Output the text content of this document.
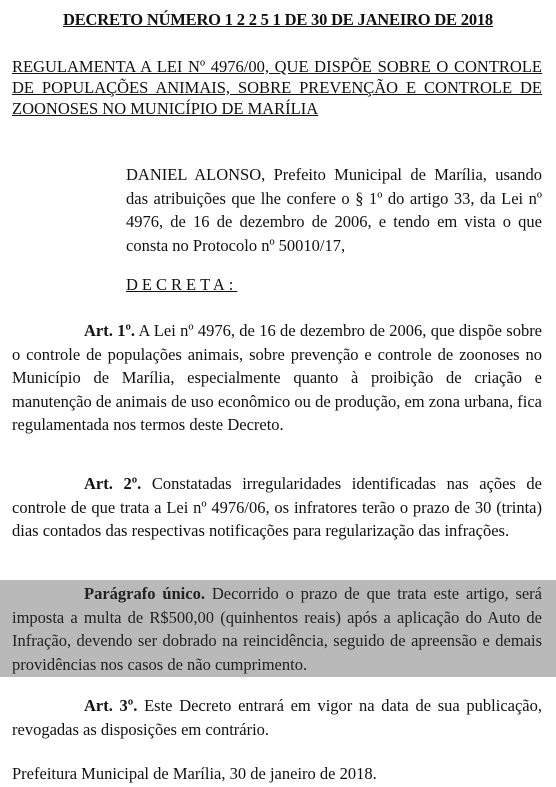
DECRETO NÚMERO 1 2 2 5 1 DE 30 DE JANEIRO DE 2018
REGULAMENTA A LEI Nº 4976/00, QUE DISPÕE SOBRE O CONTROLE DE POPULAÇÕES ANIMAIS, SOBRE PREVENÇÃO E CONTROLE DE ZOONOSES NO MUNICÍPIO DE MARÍLIA
DANIEL ALONSO, Prefeito Municipal de Marília, usando das atribuições que lhe confere o § 1º do artigo 33, da Lei nº 4976, de 16 de dezembro de 2006, e tendo em vista o que consta no Protocolo nº 50010/17,
DECRETA:
Art. 1º. A Lei nº 4976, de 16 de dezembro de 2006, que dispõe sobre o controle de populações animais, sobre prevenção e controle de zoonoses no Município de Marília, especialmente quanto à proibição de criação e manutenção de animais de uso econômico ou de produção, em zona urbana, fica regulamentada nos termos deste Decreto.
Art. 2º. Constatadas irregularidades identificadas nas ações de controle de que trata a Lei nº 4976/06, os infratores terão o prazo de 30 (trinta) dias contados das respectivas notificações para regularização das infrações.
Parágrafo único. Decorrido o prazo de que trata este artigo, será imposta a multa de R$500,00 (quinhentos reais) após a aplicação do Auto de Infração, devendo ser dobrado na reincidência, seguido de apreensão e demais providências nos casos de não cumprimento.
Art. 3º. Este Decreto entrará em vigor na data de sua publicação, revogadas as disposições em contrário.
Prefeitura Municipal de Marília, 30 de janeiro de 2018.
